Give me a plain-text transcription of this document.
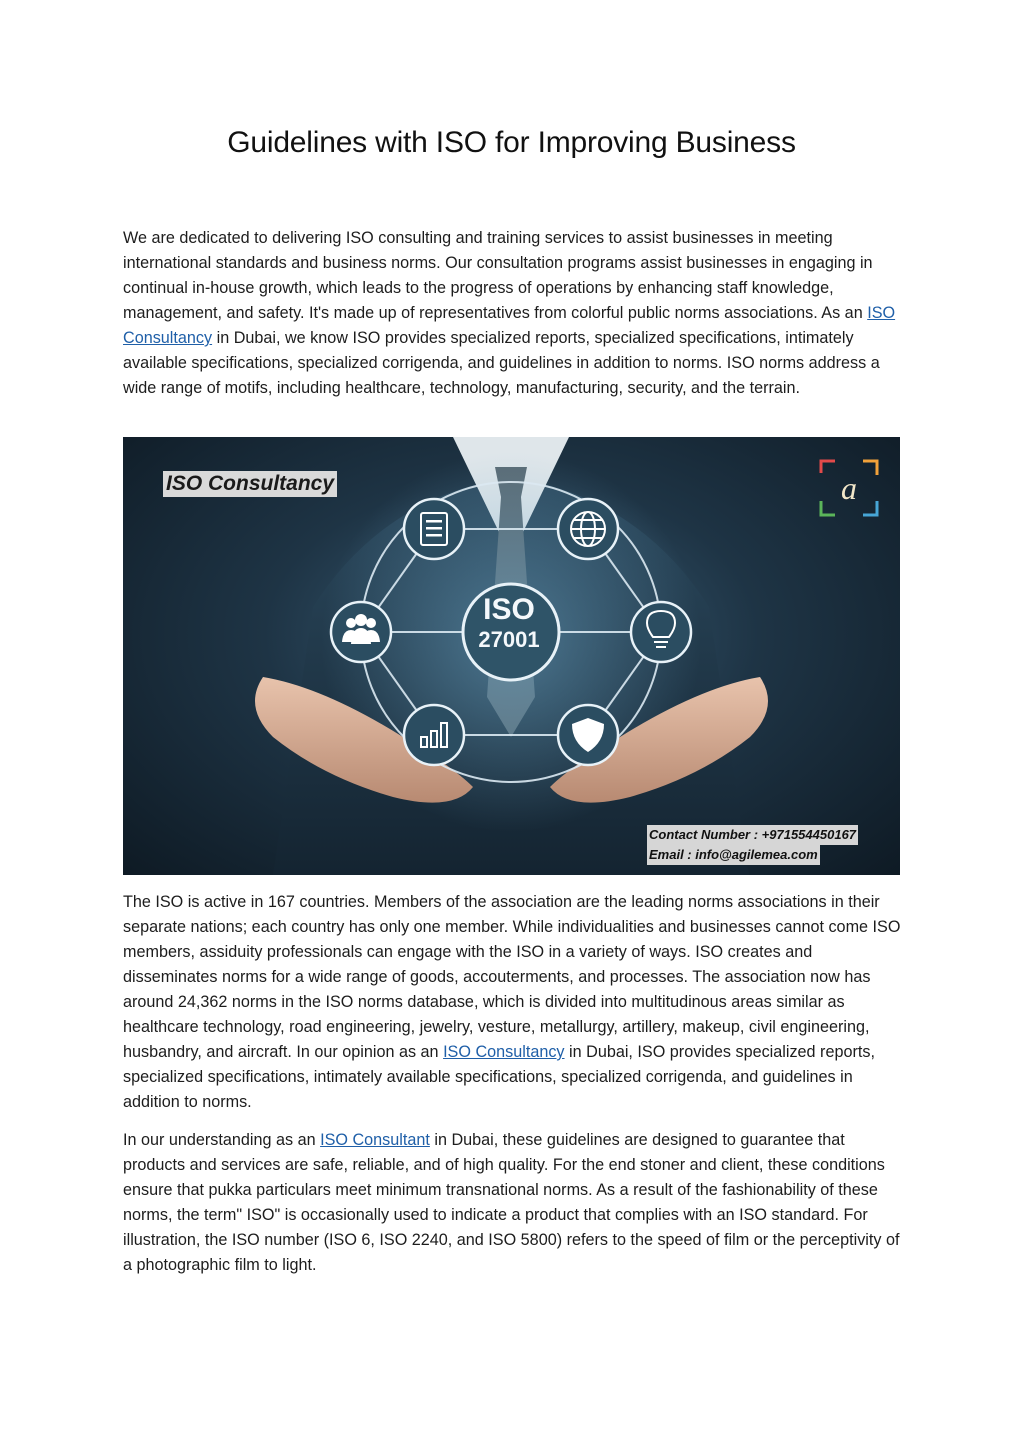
Guidelines with ISO for Improving Business

We are dedicated to delivering ISO consulting and training services to assist businesses in meeting international standards and business norms. Our consultation programs assist businesses in engaging in continual in-house growth, which leads to the progress of operations by enhancing staff knowledge, management, and safety. It's made up of representatives from colorful public norms associations. As an ISO Consultancy in Dubai, we know ISO provides specialized reports, specialized specifications, intimately available specifications, specialized corrigenda, and guidelines in addition to norms. ISO norms address a wide range of motifs, including healthcare, technology, manufacturing, security, and the terrain.

a
ISO
27001
ISO Consultancy
Contact Number : +971554450167
Email : info@agilemea.com

The ISO is active in 167 countries. Members of the association are the leading norms associations in their separate nations; each country has only one member. While individualities and businesses cannot come ISO members, assiduity professionals can engage with the ISO in a variety of ways. ISO creates and disseminates norms for a wide range of goods, accouterments, and processes. The association now has around 24,362 norms in the ISO norms database, which is divided into multitudinous areas similar as healthcare technology, road engineering, jewelry, vesture, metallurgy, artillery, makeup, civil engineering, husbandry, and aircraft. In our opinion as an ISO Consultancy in Dubai, ISO provides specialized reports, specialized specifications, intimately available specifications, specialized corrigenda, and guidelines in addition to norms.

In our understanding as an ISO Consultant in Dubai, these guidelines are designed to guarantee that products and services are safe, reliable, and of high quality. For the end stoner and client, these conditions ensure that pukka particulars meet minimum transnational norms. As a result of the fashionability of these norms, the term" ISO" is occasionally used to indicate a product that complies with an ISO standard. For illustration, the ISO number (ISO 6, ISO 2240, and ISO 5800) refers to the speed of film or the perceptivity of a photographic film to light.
